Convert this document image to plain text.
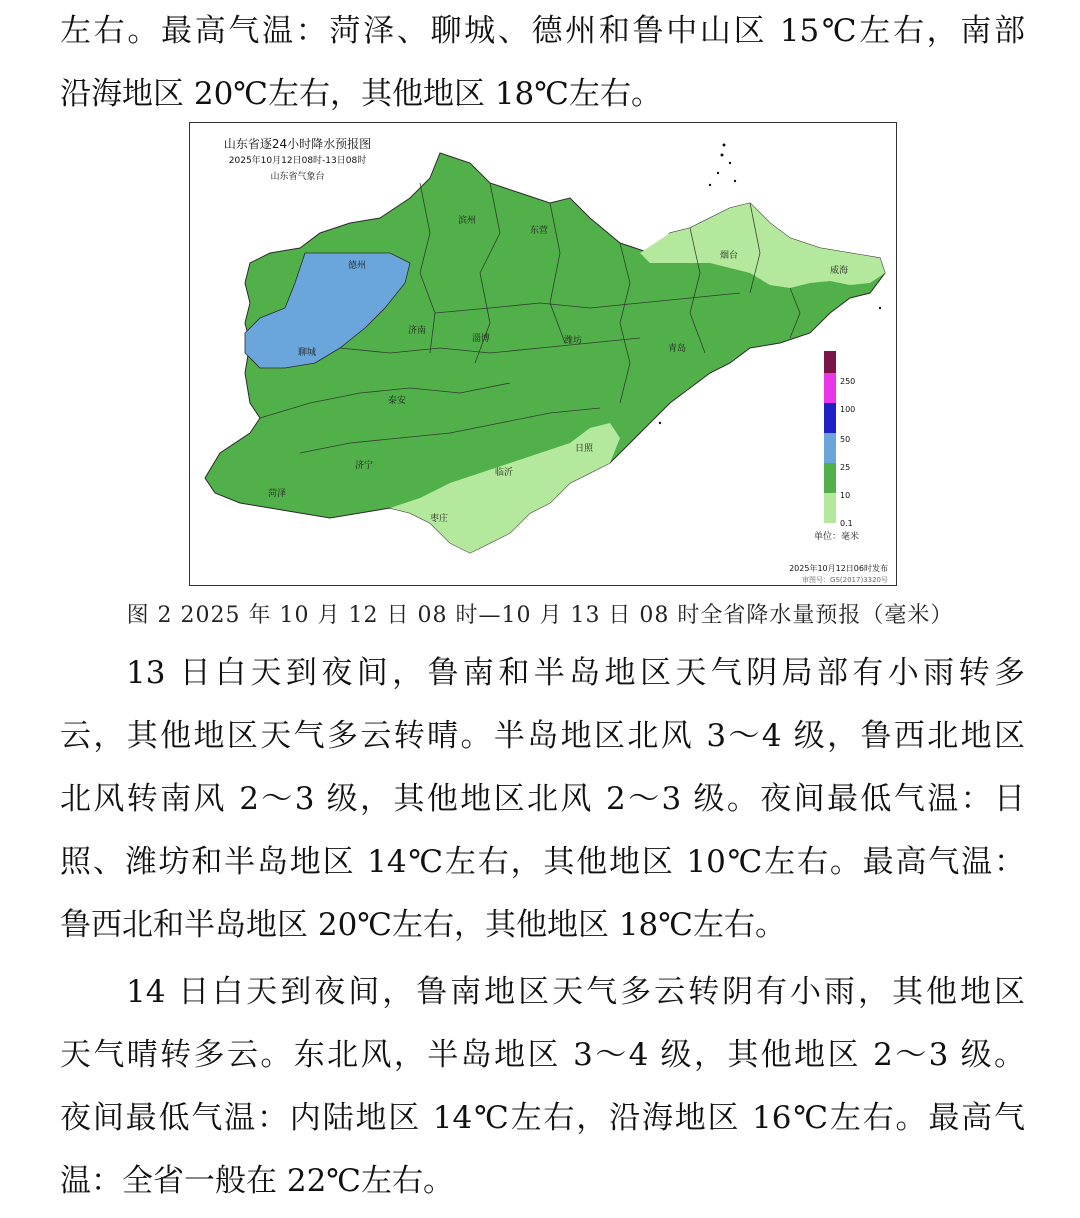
左右。最高气温：菏泽、聊城、德州和鲁中山区 15℃左右，南部
沿海地区 20℃左右，其他地区 18℃左右。
山东省逐24小时降水预报图
2025年10月12日08时-13日08时
山东省气象台
德州
滨州
东营
烟台
威海
聊城
济南
淄博	潍坊
青岛
泰安
日照
济宁
菏泽
临沂
枣庄
250
100
50
25
10
0.1
单位：毫米
2025年10月12日06时发布
审图号：GS(2017)3320号
图 2 2025 年 10 月 12 日 08 时—10 月 13 日 08 时全省降水量预报（毫米）
13 日白天到夜间，鲁南和半岛地区天气阴局部有小雨转多
云，其他地区天气多云转晴。半岛地区北风 3～4 级，鲁西北地区
北风转南风 2～3 级，其他地区北风 2～3 级。夜间最低气温：日
照、潍坊和半岛地区 14℃左右，其他地区 10℃左右。最高气温：
鲁西北和半岛地区 20℃左右，其他地区 18℃左右。
14 日白天到夜间，鲁南地区天气多云转阴有小雨，其他地区
天气晴转多云。东北风，半岛地区 3～4 级，其他地区 2～3 级。
夜间最低气温：内陆地区 14℃左右，沿海地区 16℃左右。最高气
温：全省一般在 22℃左右。
